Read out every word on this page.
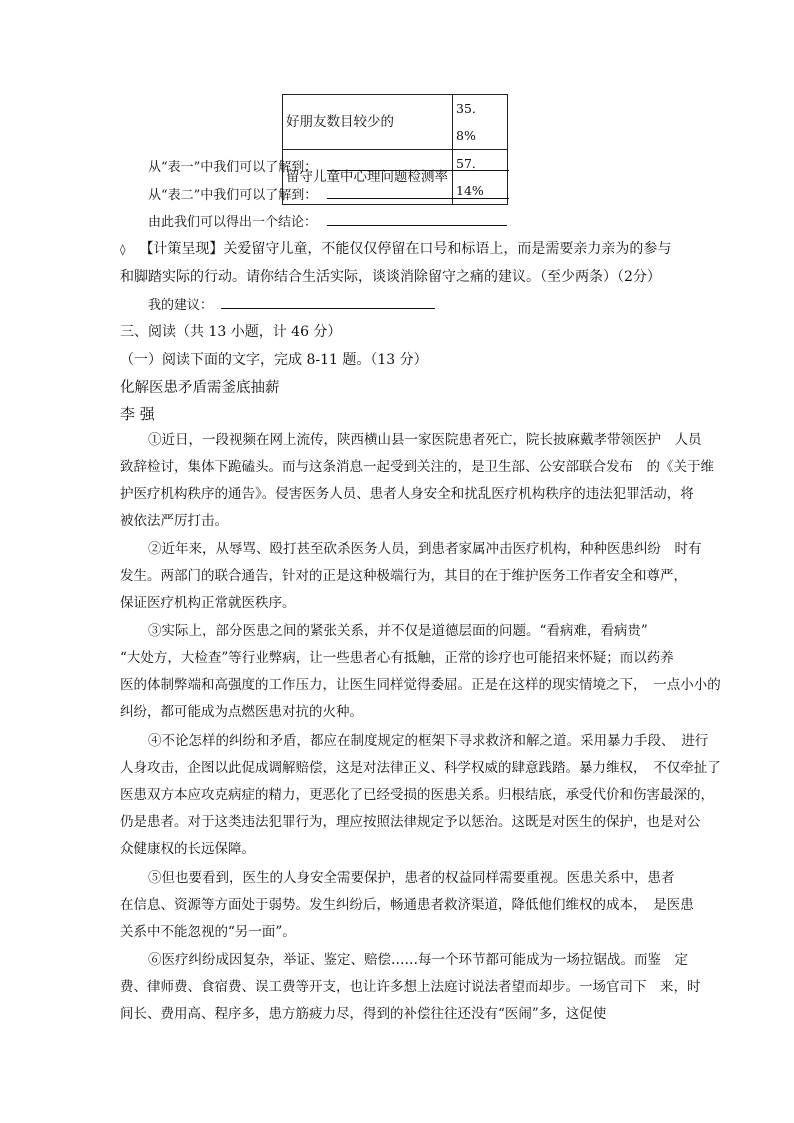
好朋友数目较少的	35．8%
留守儿童中心理问题检测率	57．14%
从“表一”中我们可以了解到：
从“表二”中我们可以了解到：
由此我们可以得出一个结论：
◊ 【计策呈现】关爱留守儿童，不能仅仅停留在口号和标语上，而是需要亲力亲为的参与
和脚踏实际的行动。请你结合生活实际，谈谈消除留守之痛的建议。（至少两条）（2分）
我的建议：
三、阅读（共 13 小题，计 46 分）
（一）阅读下面的文字，完成 8-11 题。（13 分）
化解医患矛盾需釜底抽薪
李 强
①近日，一段视频在网上流传，陕西横山县一家医院患者死亡，院长披麻戴孝带领医护　人员
致辞检讨，集体下跪磕头。而与这条消息一起受到关注的，是卫生部、公安部联合发布　的《关于维
护医疗机构秩序的通告》。侵害医务人员、患者人身安全和扰乱医疗机构秩序的违法犯罪活动，将
被依法严厉打击。
②近年来，从辱骂、殴打甚至砍杀医务人员，到患者家属冲击医疗机构，种种医患纠纷　时有
发生。两部门的联合通告，针对的正是这种极端行为，其目的在于维护医务工作者安全和尊严，
保证医疗机构正常就医秩序。
③实际上，部分医患之间的紧张关系，并不仅是道德层面的问题。“看病难，看病贵”
“大处方，大检查”等行业弊病，让一些患者心有抵触，正常的诊疗也可能招来怀疑；而以药养
医的体制弊端和高强度的工作压力，让医生同样觉得委屈。正是在这样的现实情境之下，　一点小小的
纠纷，都可能成为点燃医患对抗的火种。
④不论怎样的纠纷和矛盾，都应在制度规定的框架下寻求救济和解之道。采用暴力手段、　进行
人身攻击，企图以此促成调解赔偿，这是对法律正义、科学权威的肆意践踏。暴力维权，　不仅牵扯了
医患双方本应攻克病症的精力，更恶化了已经受损的医患关系。归根结底，承受代价和伤害最深的，
仍是患者。对于这类违法犯罪行为，理应按照法律规定予以惩治。这既是对医生的保护，也是对公
众健康权的长远保障。
⑤但也要看到，医生的人身安全需要保护，患者的权益同样需要重视。医患关系中，患者
在信息、资源等方面处于弱势。发生纠纷后，畅通患者救济渠道，降低他们维权的成本，　是医患
关系中不能忽视的“另一面”。
⑥医疗纠纷成因复杂，举证、鉴定、赔偿……每一个环节都可能成为一场拉锯战。而鉴　定
费、律师费、食宿费、误工费等开支，也让许多想上法庭讨说法者望而却步。一场官司下　来，时
间长、费用高、程序多，患方筋疲力尽，得到的补偿往往还没有“医闹”多，这促使
